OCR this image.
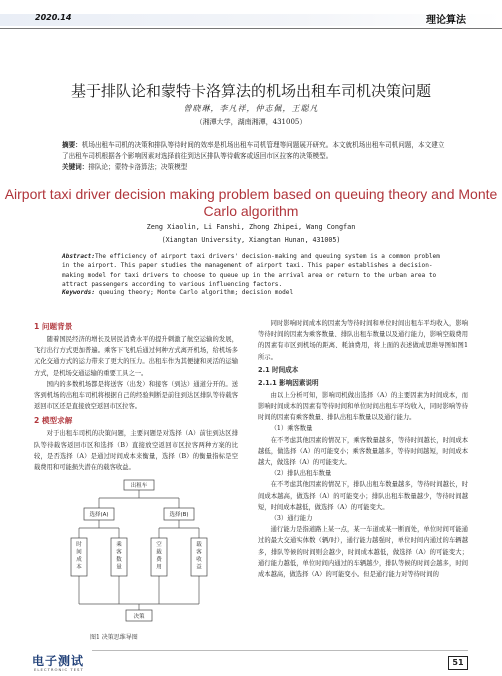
2020.14	理论算法
基于排队论和蒙特卡洛算法的机场出租车司机决策问题
曾晓琳，李凡祥，仲志佩，王聪凡
（湘潭大学，湖南湘潭，431005）
摘要：机场出租车司机的决策和排队等待时间的效率是机场出租车司机管理等问题展开研究。本文就机场出租车司机问题，本文建立了出租车司机根据各个影响因素对选择前往到达区排队等待载客或返回市区拉客的决策模型。
关键词：排队论；蒙特卡洛算法；决策模型
Airport taxi driver decision making problem based on queuing theory and Monte Carlo algorithm
Zeng Xiaolin, Li Fanshi, Zhong Zhipei, Wang Congfan
(Xiangtan University, Xiangtan Hunan, 431005)
Abstract:The efficiency of airport taxi drivers' decision-making and queuing system is a common problem in the airport. This paper studies the management of airport taxi. This paper establishes a decision-making model for taxi drivers to choose to queue up in the arrival area or return to the urban area to attract passengers according to various influencing factors.
Keywords: queuing theory; Monte Carlo algorithm; decision model
1 问题背景

随着国民经济的增长及居民消费水平的提升刺激了航空运输的发展，飞行出行方式更加普遍。乘客下飞机后通过何种方式离开机场，给机场多元化交通方式的运力带来了更大的压力。出租车作为其便捷和灵活的运输方式，是机场交通运输的重要工具之一。

国内的多数机场都是将送客（出发）和接客（到达）通道分开的。送客到机场的出租车司机将根据自己的经验判断是前往到达区排队等待载客返回市区还是直接放空返回市区拉客。

2 模型求解

对于出租车司机的决策问题，主要问题是对选择（A）前往到达区排队等待载客返回市区和选择（B）直接放空返回市区拉客两种方案的比较，是否选择（A）是通过时间成本来衡量，选择（B）的衡量指标是空载费用和可能损失潜在的载客收益。

出租车
选择(A)	选择(B)
决策
时间成本
乘客数量
空载费用
载客收益
图1 决策思维导图

同时影响时间成本的因素为等待时间和单位时间出租车平均收入，影响等待时间的因素为乘客数量、排队出租车数量以及通行能力，影响空载费用的因素有市区到机场的距离、耗油费用，将上面的表述做成思维导图如图1所示。

2.1 时间成本
2.1.1 影响因素说明

由以上分析可知，影响司机做出选择（A）的主要因素为时间成本，而影响时间成本的因素有等待时间和单位时间出租车平均收入，同时影响等待时间的因素有乘客数量、排队出租车数量以及通行能力。

（1）乘客数量

在不考虑其他因素的情况下，乘客数量越多，等待时间越长，时间成本越低，做选择（A）的可能变小；乘客数量越多，等待时间越短，时间成本越大，做选择（A）的可能变大。

（2）排队出租车数量

在不考虑其他因素的情况下，排队出租车数量越多，等待时间越长，时间成本越高，做选择（A）的可能变小；排队出租车数量越少，等待时间越短，时间成本越低，做选择（A）的可能变大。

（3）通行能力

通行能力是指道路上某一点，某一车道或某一断面处，单位时间可能通过的最大交通实体数（辆/时），通行能力越强时，单位时间内通过的车辆越多，排队等候的时间则会越少，时间成本越低，做选择（A）的可能变大；通行能力越低，单位时间内通过的车辆越少，排队等候的时间会越多，时间成本越高，做选择（A）的可能变小。但是通行能力对等待时间的

电子测试
ELECTRONIC TEST
51
